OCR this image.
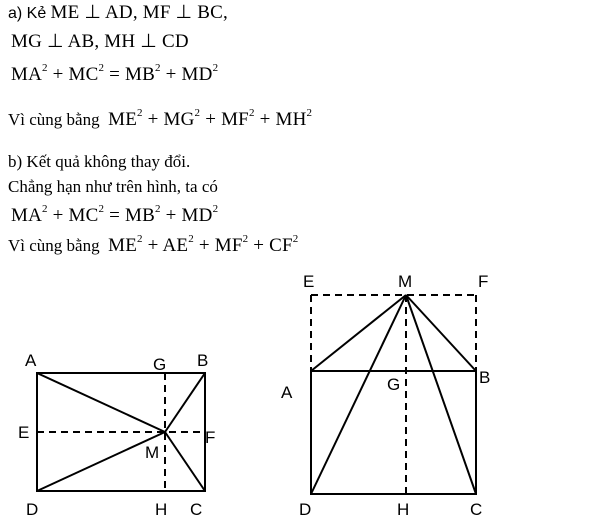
a) Kẻ ME ⊥ AD, MF ⊥ BC,
MG ⊥ AB, MH ⊥ CD
$MA^2 + MC^2 = MB^2 + MD^2$
Vì cùng bằng $ME^2 + MG^2 + MF^2 + MH^2$
b) Kết quả không thay đổi.
Chẳng hạn như trên hình, ta có
$MA^2 + MC^2 = MB^2 + MD^2$
Vì cùng bằng $ME^2 + AE^2 + MF^2 + CF^2$
A	B
C
D
E	F
G
H
M
A
B
C
D
E	F
G
H
M
